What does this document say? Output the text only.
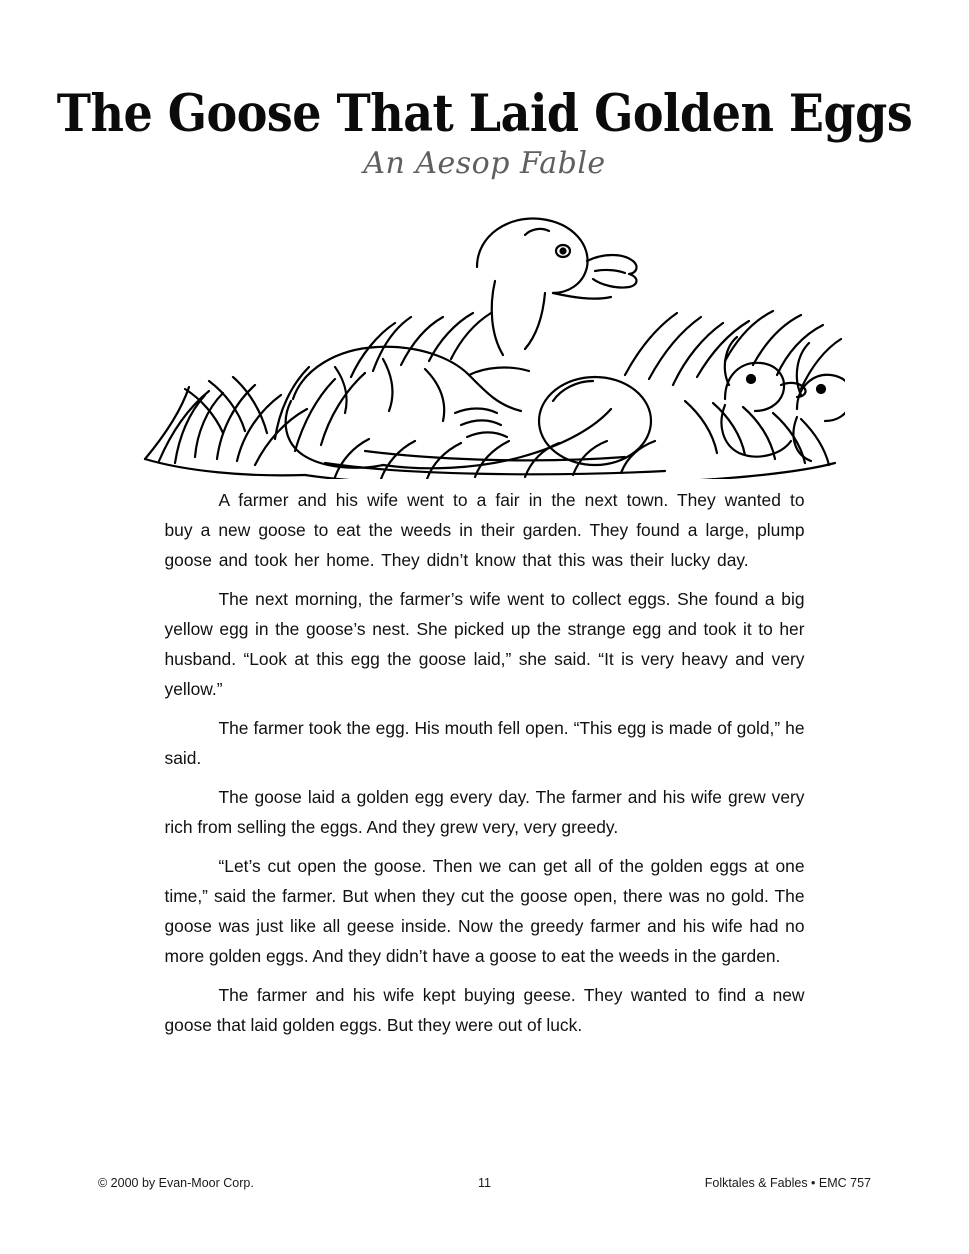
The Goose That Laid Golden Eggs
An Aesop Fable

A farmer and his wife went to a fair in the next town. They wanted to buy a new goose to eat the weeds in their garden. They found a large, plump goose and took her home. They didn’t know that this was their lucky day.

The next morning, the farmer’s wife went to collect eggs. She found a big yellow egg in the goose’s nest. She picked up the strange egg and took it to her husband. “Look at this egg the goose laid,” she said. “It is very heavy and very yellow.”

The farmer took the egg. His mouth fell open. “This egg is made of gold,” he said.

The goose laid a golden egg every day. The farmer and his wife grew very rich from selling the eggs. And they grew very, very greedy.

“Let’s cut open the goose. Then we can get all of the golden eggs at one time,” said the farmer. But when they cut the goose open, there was no gold. The goose was just like all geese inside. Now the greedy farmer and his wife had no more golden eggs. And they didn’t have a goose to eat the weeds in the garden.

The farmer and his wife kept buying geese. They wanted to find a new goose that laid golden eggs. But they were out of luck.

© 2000 by Evan-Moor Corp.	11	Folktales & Fables • EMC 757
